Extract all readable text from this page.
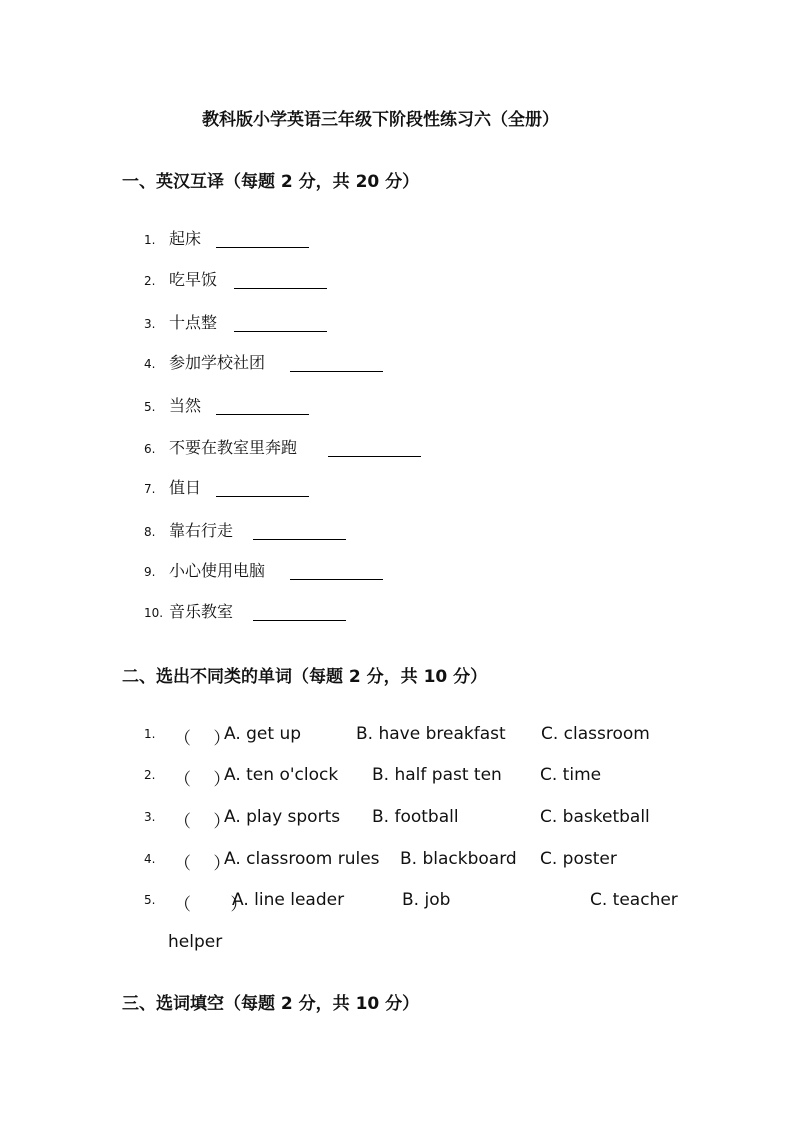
教科版小学英语三年级下阶段性练习六（全册）
一、英汉互译（每题 2 分，共 20 分）
1. 起床
2. 吃早饭
3. 十点整
4. 参加学校社团
5. 当然
6. 不要在教室里奔跑
7. 值日
8. 靠右行走
9. 小心使用电脑
10. 音乐教室
二、选出不同类的单词（每题 2 分，共 10 分）
1. （　 ）
A. get up	B. have breakfast C. classroom
2. （　 ）
A. ten o'clock B. half past ten C. time
3. （　 ）
A. play sports B. football	C. basketball
4. （　 ）
A. classroom rules B. blackboard C. poster
5. （　 　）
A. line leader	B. job	C. teacher
helper
三、选词填空（每题 2 分，共 10 分）
